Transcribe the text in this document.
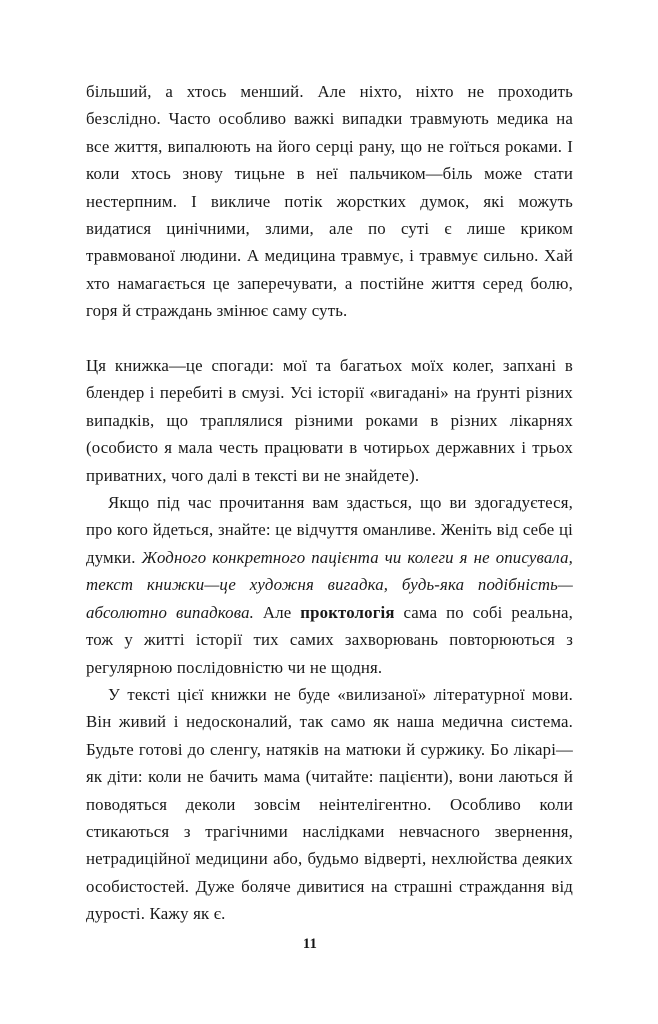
більший, а хтось менший. Але ніхто, ніхто не проходить безслідно. Часто особливо важкі випадки травмують медика на все життя, випалюють на його серці рану, що не гоїться роками. І коли хтось знову тицьне в неї пальчиком—біль може стати нестерпним. І викличе потік жорстких думок, які можуть видатися цинічними, злими, але по суті є лише криком травмованої людини. А медицина травмує, і травмує сильно. Хай хто намагається це заперечувати, а постійне життя серед болю, горя й страждань змінює саму суть.

Ця книжка—це спогади: мої та багатьох моїх колег, запхані в блендер і перебиті в смузі. Усі історії «вигадані» на ґрунті різних випадків, що траплялися різними роками в різних лікарнях (особисто я мала честь працювати в чотирьох державних і трьох приватних, чого далі в тексті ви не знайдете).

Якщо під час прочитання вам здасться, що ви здогадуєтеся, про кого йдеться, знайте: це відчуття оманливе. Женіть від себе ці думки. Жодного конкретного пацієнта чи колеги я не описувала, текст книжки—це художня вигадка, будь-яка подібність—абсолютно випадкова. Але проктологія сама по собі реальна, тож у житті історії тих самих захворювань повторюються з регулярною послідовністю чи не щодня.

У тексті цієї книжки не буде «вилизаної» літературної мови. Він живий і недосконалий, так само як наша медична система. Будьте готові до сленгу, натяків на матюки й суржику. Бо лікарі—як діти: коли не бачить мама (читайте: пацієнти), вони лаються й поводяться деколи зовсім неінтелігентно. Особливо коли стикаються з трагічними наслідками невчасного звернення, нетрадиційної медицини або, будьмо відверті, нехлюйства деяких особистостей. Дуже боляче дивитися на страшні страждання від дурості. Кажу як є.

11
